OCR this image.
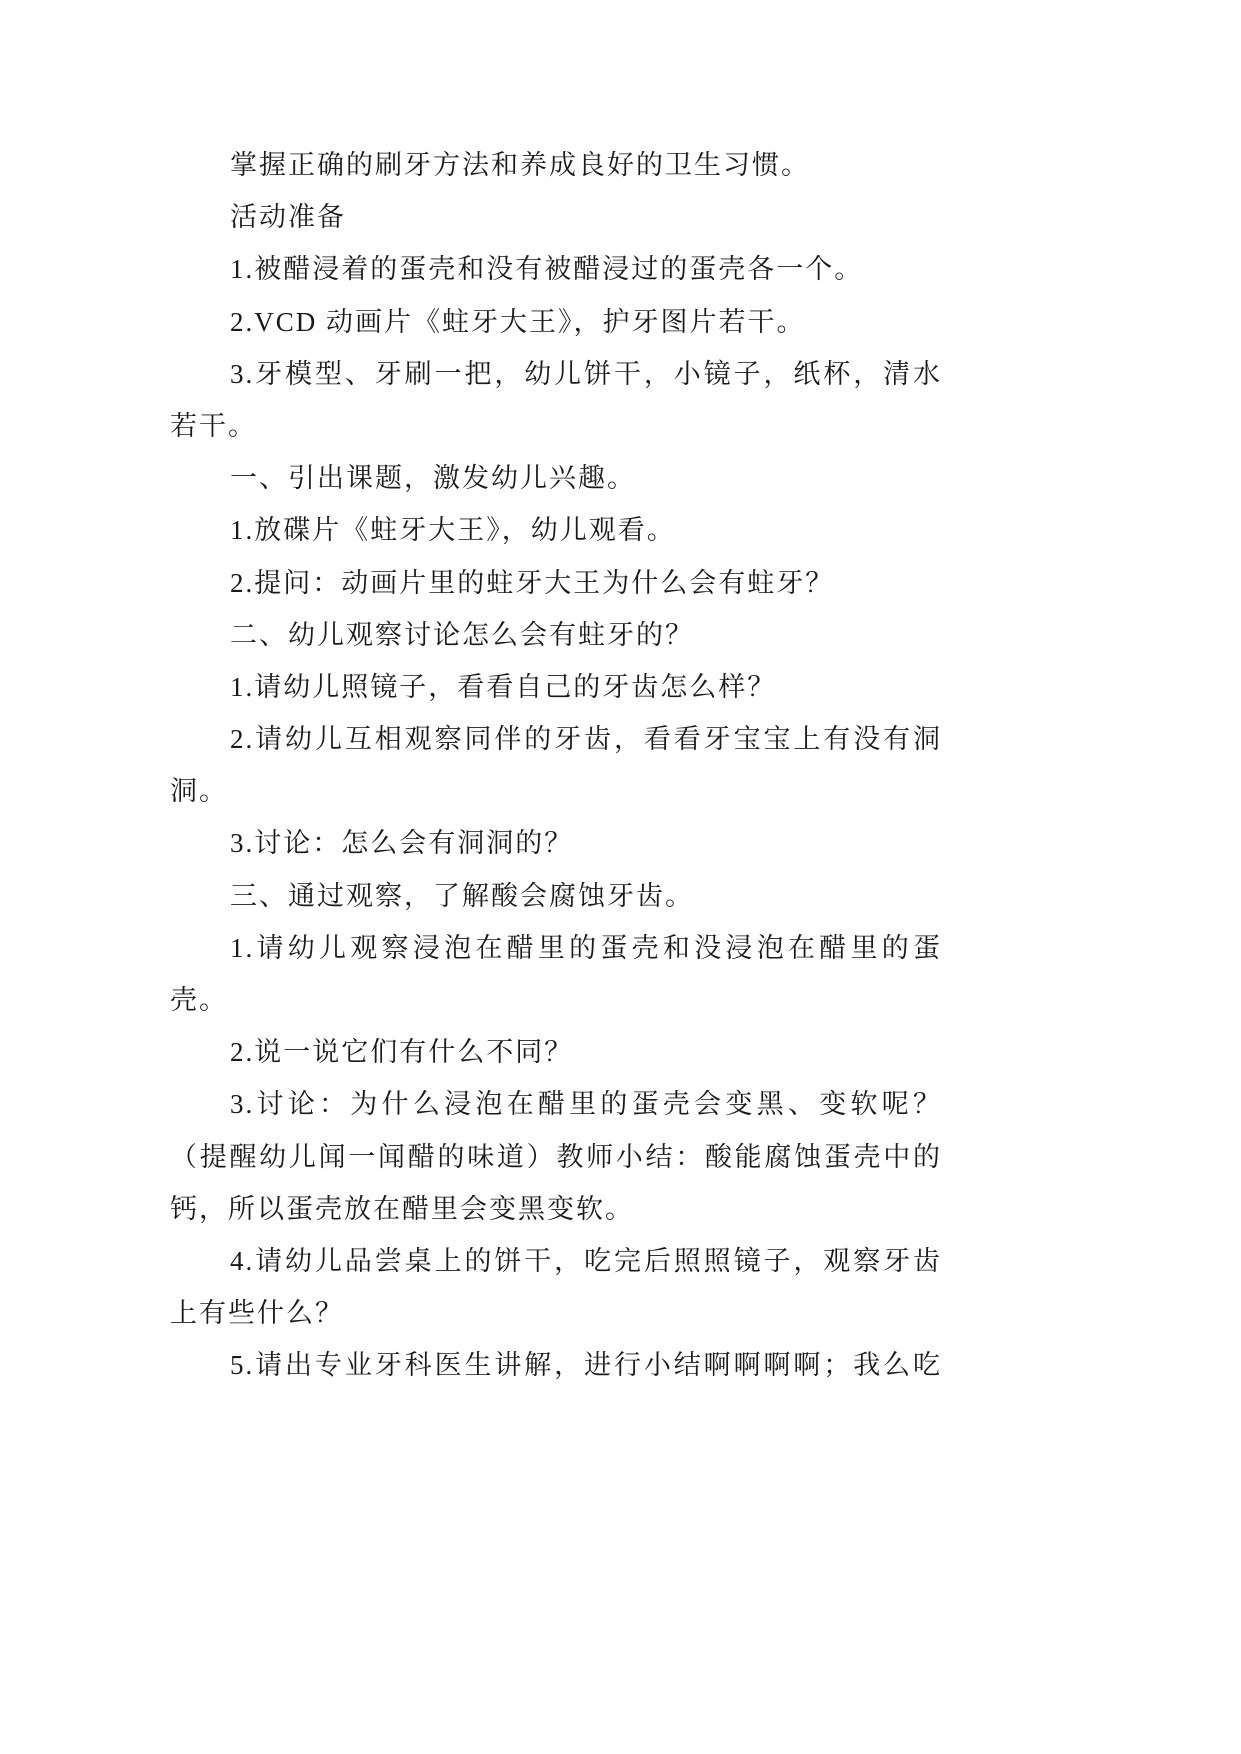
掌握正确的刷牙方法和养成良好的卫生习惯。
活动准备
1.被醋浸着的蛋壳和没有被醋浸过的蛋壳各一个。
2.VCD 动画片《蛀牙大王》，护牙图片若干。
3.牙模型、牙刷一把，幼儿饼干，小镜子，纸杯，清水
若干。
一、引出课题，激发幼儿兴趣。
1.放碟片《蛀牙大王》，幼儿观看。
2.提问：动画片里的蛀牙大王为什么会有蛀牙？
二、幼儿观察讨论怎么会有蛀牙的？
1.请幼儿照镜子，看看自己的牙齿怎么样？
2.请幼儿互相观察同伴的牙齿，看看牙宝宝上有没有洞
洞。
3.讨论：怎么会有洞洞的？
三、通过观察，了解酸会腐蚀牙齿。
1.请幼儿观察浸泡在醋里的蛋壳和没浸泡在醋里的蛋
壳。
2.说一说它们有什么不同？
3.讨论：为什么浸泡在醋里的蛋壳会变黑、变软呢？
（提醒幼儿闻一闻醋的味道）教师小结：酸能腐蚀蛋壳中的
钙，所以蛋壳放在醋里会变黑变软。
4.请幼儿品尝桌上的饼干，吃完后照照镜子，观察牙齿
上有些什么？
5.请出专业牙科医生讲解，进行小结啊啊啊啊；我么吃
